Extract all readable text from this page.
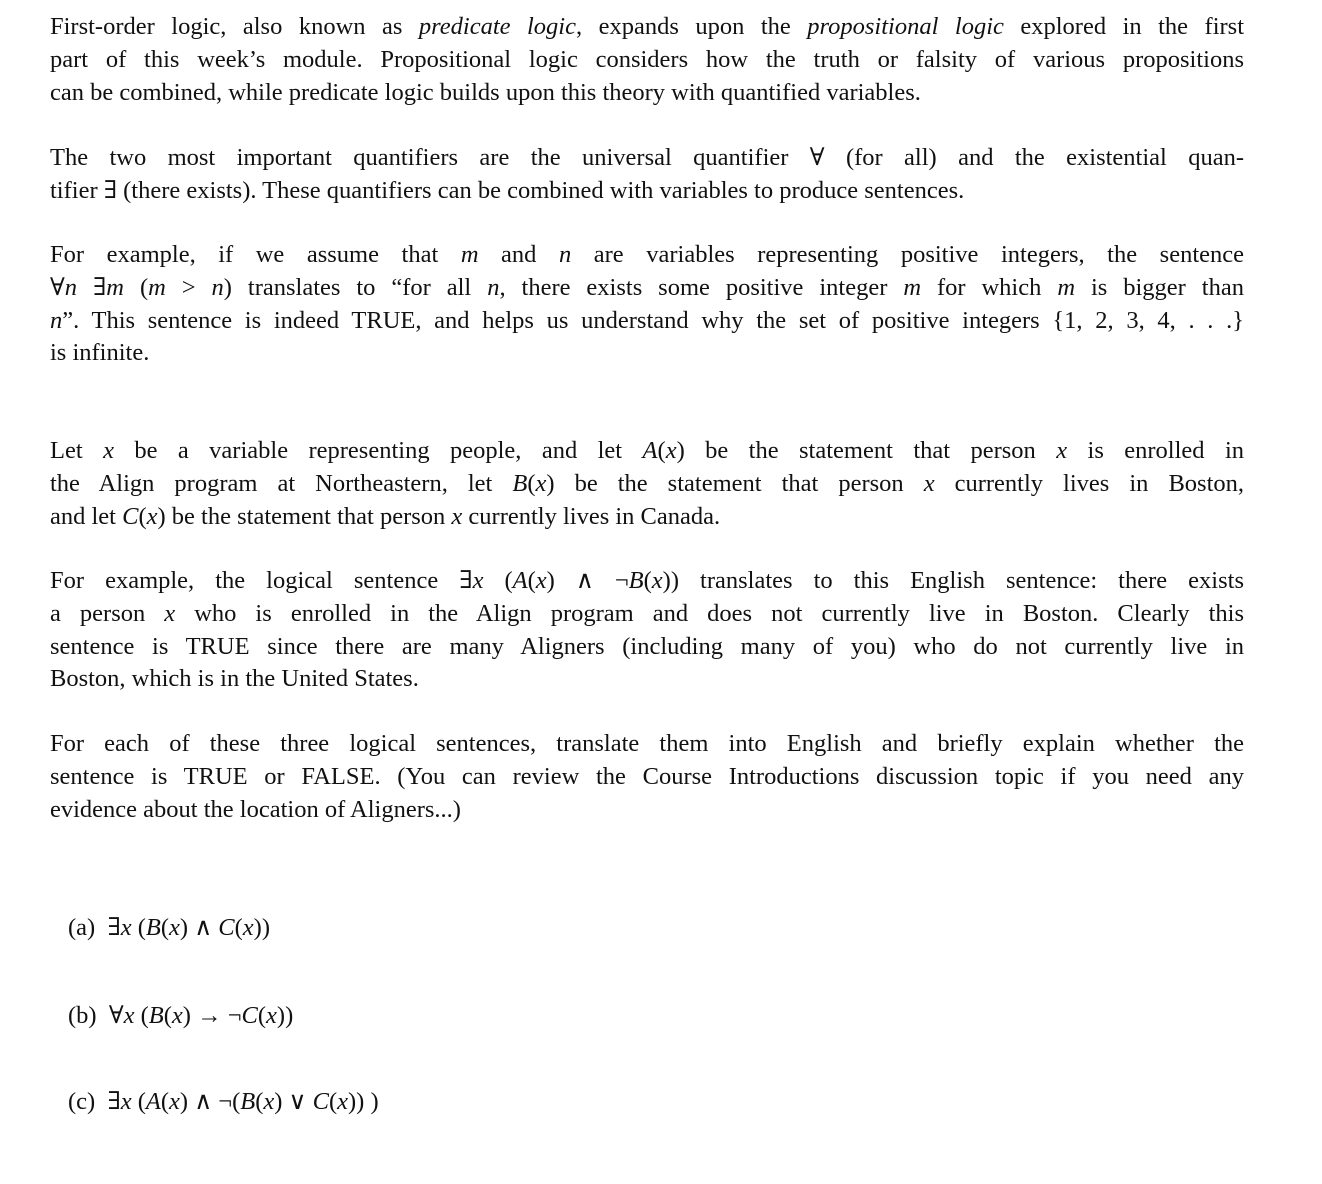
First-order logic, also known as predicate logic, expands upon the propositional logic explored in the first
part of this week’s module. Propositional logic considers how the truth or falsity of various propositions
can be combined, while predicate logic builds upon this theory with quantified variables.
The two most important quantifiers are the universal quantifier ∀ (for all) and the existential quan-
tifier ∃ (there exists). These quantifiers can be combined with variables to produce sentences.
For example, if we assume that m and n are variables representing positive integers, the sentence
∀n ∃m (m > n) translates to “for all n, there exists some positive integer m for which m is bigger than
n”. This sentence is indeed TRUE, and helps us understand why the set of positive integers {1, 2, 3, 4, . . .}
is infinite.
Let x be a variable representing people, and let A(x) be the statement that person x is enrolled in
the Align program at Northeastern, let B(x) be the statement that person x currently lives in Boston,
and let C(x) be the statement that person x currently lives in Canada.
For example, the logical sentence ∃x (A(x) ∧ ¬B(x)) translates to this English sentence: there exists
a person x who is enrolled in the Align program and does not currently live in Boston. Clearly this
sentence is TRUE since there are many Aligners (including many of you) who do not currently live in
Boston, which is in the United States.
For each of these three logical sentences, translate them into English and briefly explain whether the
sentence is TRUE or FALSE. (You can review the Course Introductions discussion topic if you need any
evidence about the location of Aligners...)
(a)  ∃x (B(x) ∧ C(x))
(b)  ∀x (B(x) → ¬C(x))
(c)  ∃x (A(x) ∧ ¬(B(x) ∨ C(x)) )
